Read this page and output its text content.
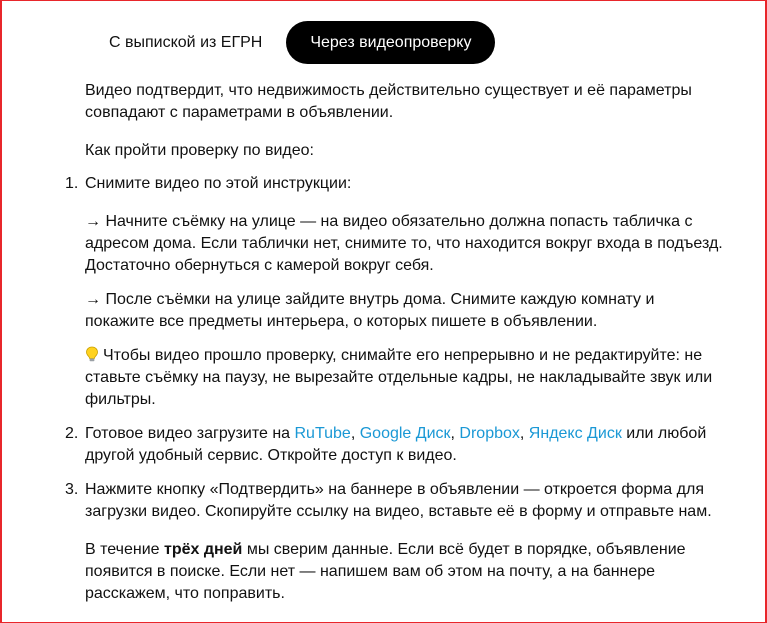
С выпиской из ЕГРН	Через видеопроверку

Видео подтвердит, что недвижимость действительно существует и её параметры совпадают с параметрами в объявлении.

Как пройти проверку по видео:

1. Снимите видео по этой инструкции:

→ Начните съёмку на улице — на видео обязательно должна попасть табличка с адресом дома. Если таблички нет, снимите то, что находится вокруг входа в подъезд. Достаточно обернуться с камерой вокруг себя.

→ После съёмки на улице зайдите внутрь дома. Снимите каждую комнату и покажите все предметы интерьера, о которых пишете в объявлении.

Чтобы видео прошло проверку, снимайте его непрерывно и не редактируйте: не ставьте съёмку на паузу, не вырезайте отдельные кадры, не накладывайте звук или фильтры.

2. Готовое видео загрузите на RuTube, Google Диск, Dropbox, Яндекс Диск или любой другой удобный сервис. Откройте доступ к видео.

3. Нажмите кнопку «Подтвердить» на баннере в объявлении — откроется форма для загрузки видео. Скопируйте ссылку на видео, вставьте её в форму и отправьте нам.

В течение трёх дней мы сверим данные. Если всё будет в порядке, объявление появится в поиске. Если нет — напишем вам об этом на почту, а на баннере расскажем, что поправить.
